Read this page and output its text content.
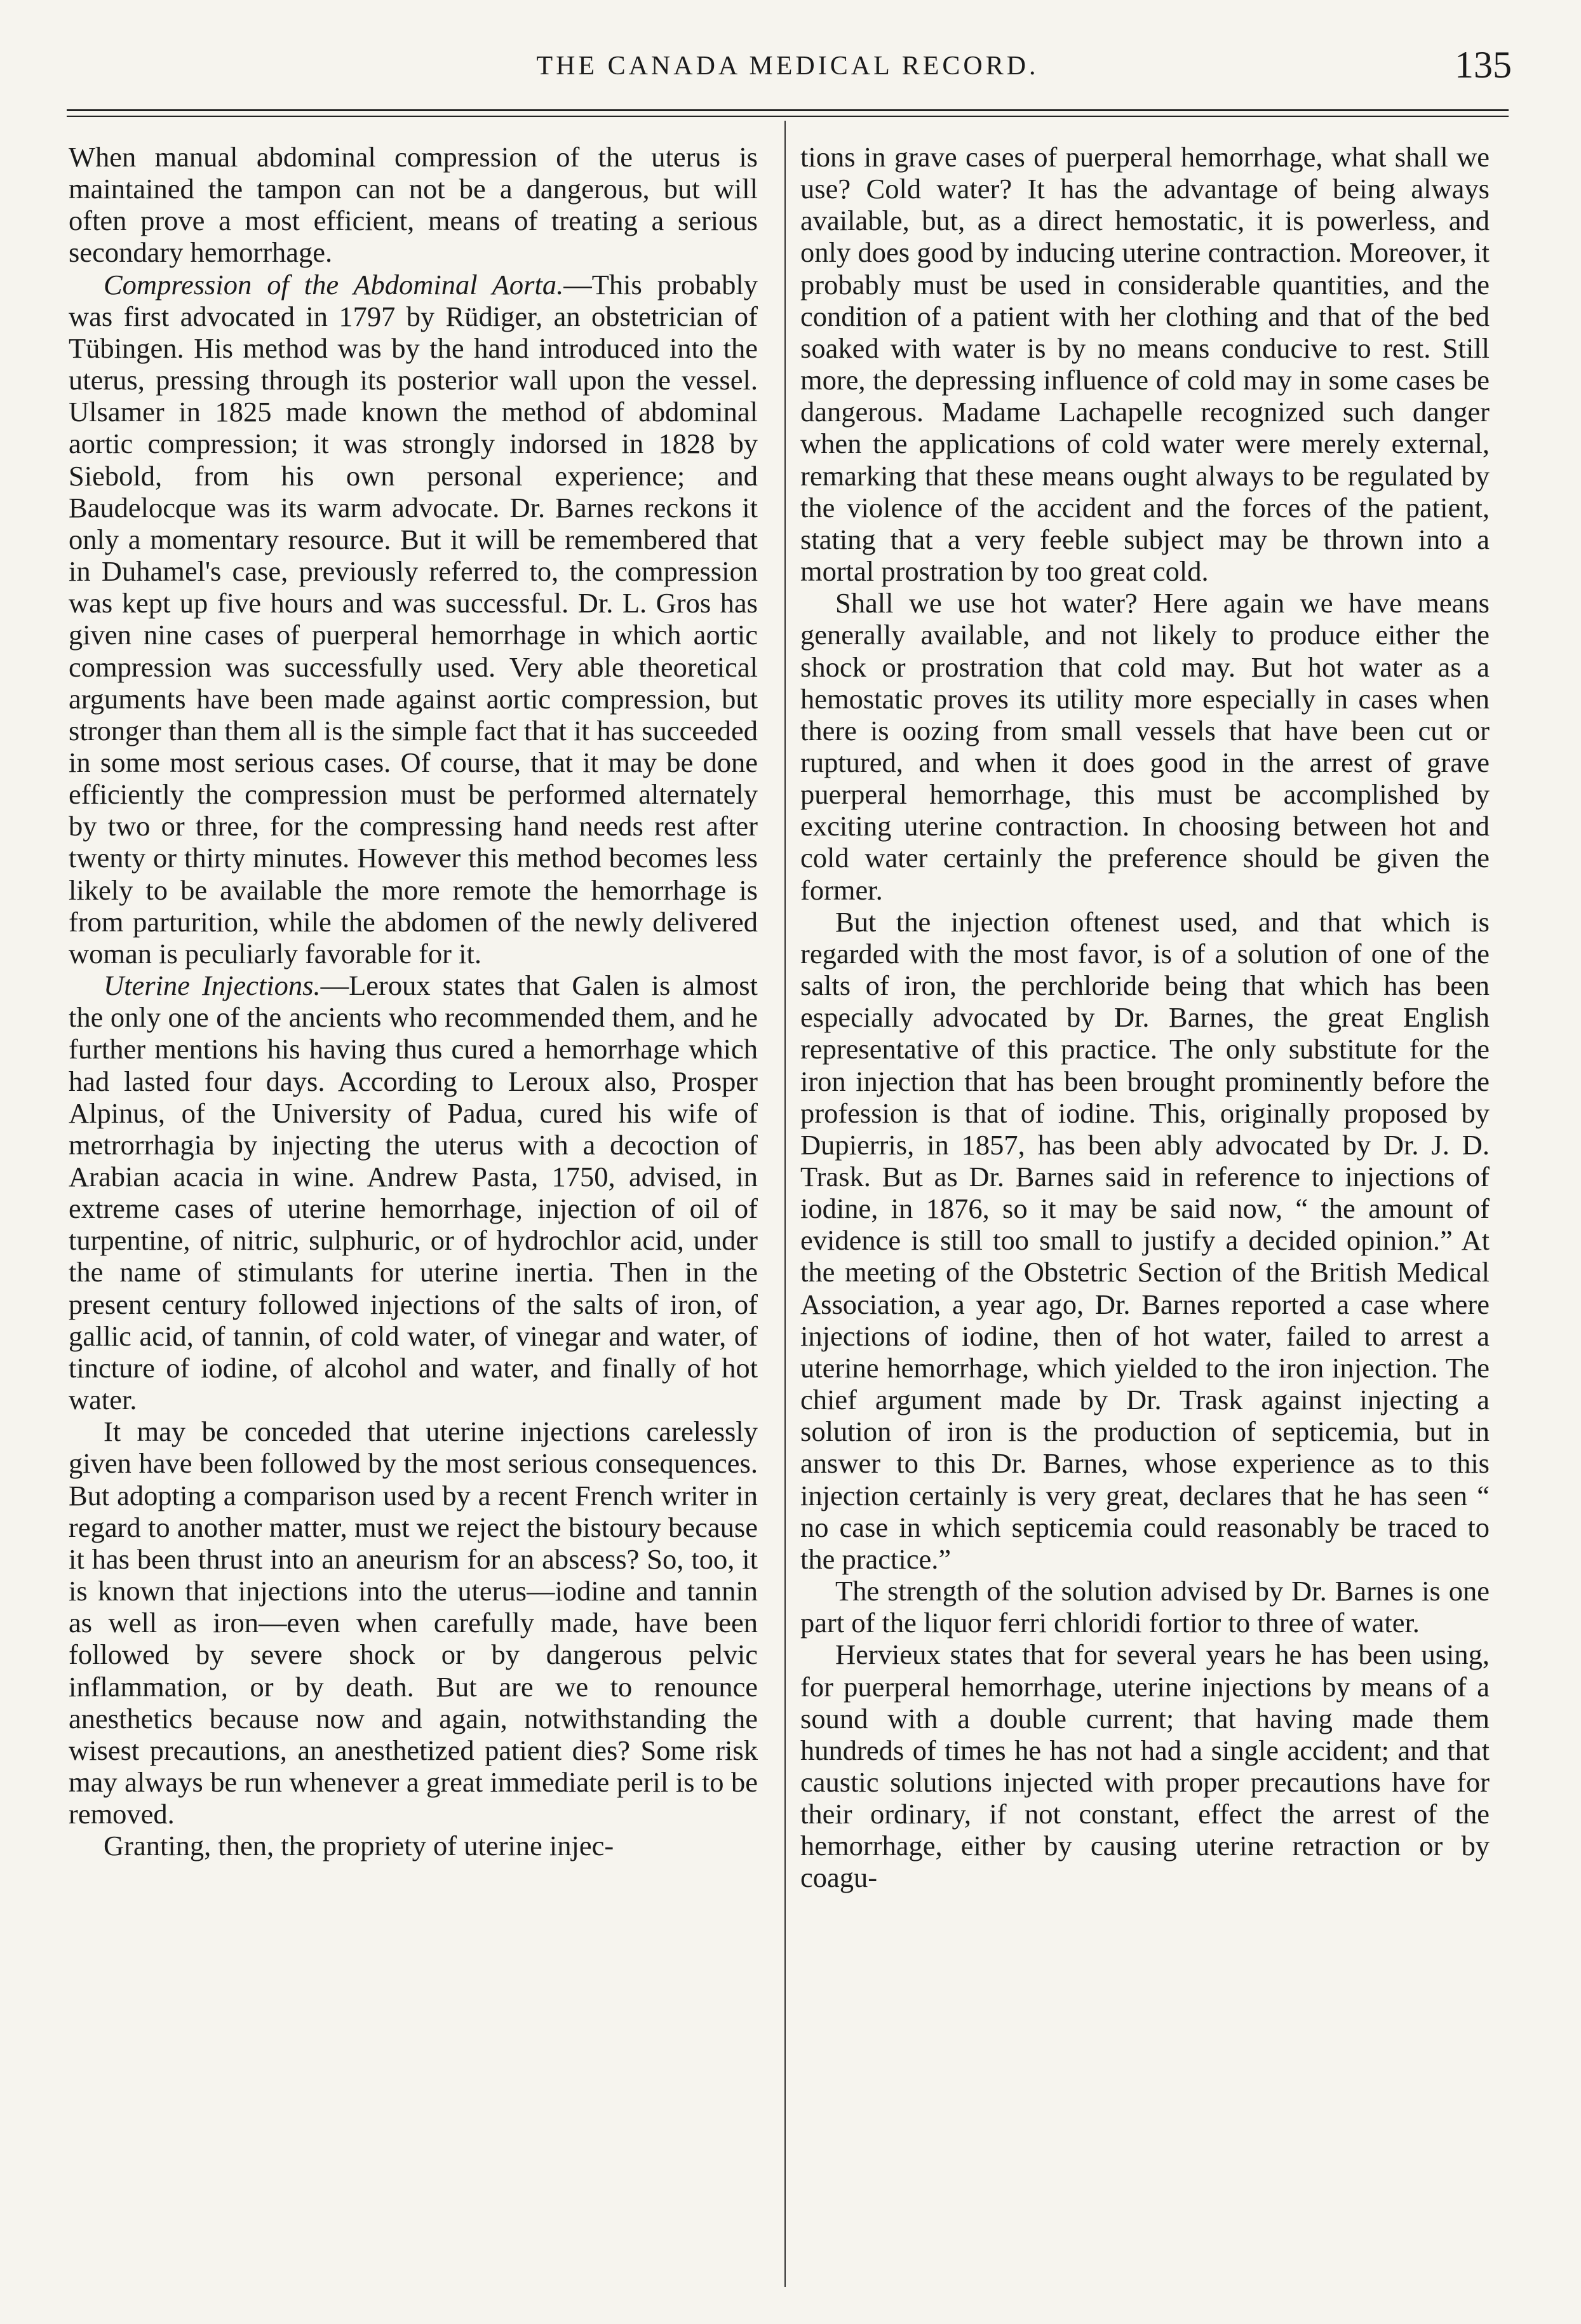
THE CANADA MEDICAL RECORD.	135

When manual abdominal compression of the uterus is maintained the tampon can not be a dangerous, but will often prove a most efficient, means of treating a serious secondary hemorrhage.

Compression of the Abdominal Aorta.—This probably was first advocated in 1797 by Rüdiger, an obstetrician of Tübingen. His method was by the hand introduced into the uterus, pressing through its posterior wall upon the vessel. Ulsamer in 1825 made known the method of abdominal aortic compression; it was strongly indorsed in 1828 by Siebold, from his own personal experience; and Baudelocque was its warm advocate. Dr. Barnes reckons it only a momentary resource. But it will be remembered that in Duhamel's case, previously referred to, the compression was kept up five hours and was successful. Dr. L. Gros has given nine cases of puerperal hemorrhage in which aortic compression was successfully used. Very able theoretical arguments have been made against aortic compression, but stronger than them all is the simple fact that it has succeeded in some most serious cases. Of course, that it may be done efficiently the compression must be performed alternately by two or three, for the compressing hand needs rest after twenty or thirty minutes. However this method becomes less likely to be available the more remote the hemorrhage is from parturition, while the abdomen of the newly delivered woman is peculiarly favorable for it.

Uterine Injections.—Leroux states that Galen is almost the only one of the ancients who recommended them, and he further mentions his having thus cured a hemorrhage which had lasted four days. According to Leroux also, Prosper Alpinus, of the University of Padua, cured his wife of metrorrhagia by injecting the uterus with a decoction of Arabian acacia in wine. Andrew Pasta, 1750, advised, in extreme cases of uterine hemorrhage, injection of oil of turpentine, of nitric, sulphuric, or of hydrochlor acid, under the name of stimulants for uterine inertia. Then in the present century followed injections of the salts of iron, of gallic acid, of tannin, of cold water, of vinegar and water, of tincture of iodine, of alcohol and water, and finally of hot water.

It may be conceded that uterine injections carelessly given have been followed by the most serious consequences. But adopting a comparison used by a recent French writer in regard to another matter, must we reject the bistoury because it has been thrust into an aneurism for an abscess? So, too, it is known that injections into the uterus—iodine and tannin as well as iron—even when carefully made, have been followed by severe shock or by dangerous pelvic inflammation, or by death. But are we to renounce anesthetics because now and again, notwithstanding the wisest precautions, an anesthetized patient dies? Some risk may always be run whenever a great immediate peril is to be removed.

Granting, then, the propriety of uterine injec-

tions in grave cases of puerperal hemorrhage, what shall we use? Cold water? It has the advantage of being always available, but, as a direct hemostatic, it is powerless, and only does good by inducing uterine contraction. Moreover, it probably must be used in considerable quantities, and the condition of a patient with her clothing and that of the bed soaked with water is by no means conducive to rest. Still more, the depressing influence of cold may in some cases be dangerous. Madame Lachapelle recognized such danger when the applications of cold water were merely external, remarking that these means ought always to be regulated by the violence of the accident and the forces of the patient, stating that a very feeble subject may be thrown into a mortal prostration by too great cold.

Shall we use hot water? Here again we have means generally available, and not likely to produce either the shock or prostration that cold may. But hot water as a hemostatic proves its utility more especially in cases when there is oozing from small vessels that have been cut or ruptured, and when it does good in the arrest of grave puerperal hemorrhage, this must be accomplished by exciting uterine contraction. In choosing between hot and cold water certainly the preference should be given the former.

But the injection oftenest used, and that which is regarded with the most favor, is of a solution of one of the salts of iron, the perchloride being that which has been especially advocated by Dr. Barnes, the great English representative of this practice. The only substitute for the iron injection that has been brought prominently before the profession is that of iodine. This, originally proposed by Dupierris, in 1857, has been ably advocated by Dr. J. D. Trask. But as Dr. Barnes said in reference to injections of iodine, in 1876, so it may be said now, “ the amount of evidence is still too small to justify a decided opinion.” At the meeting of the Obstetric Section of the British Medical Association, a year ago, Dr. Barnes reported a case where injections of iodine, then of hot water, failed to arrest a uterine hemorrhage, which yielded to the iron injection. The chief argument made by Dr. Trask against injecting a solution of iron is the production of septicemia, but in answer to this Dr. Barnes, whose experience as to this injection certainly is very great, declares that he has seen “ no case in which septicemia could reasonably be traced to the practice.”

The strength of the solution advised by Dr. Barnes is one part of the liquor ferri chloridi fortior to three of water.

Hervieux states that for several years he has been using, for puerperal hemorrhage, uterine injections by means of a sound with a double current; that having made them hundreds of times he has not had a single accident; and that caustic solutions injected with proper precautions have for their ordinary, if not constant, effect the arrest of the hemorrhage, either by causing uterine retraction or by coagu-
